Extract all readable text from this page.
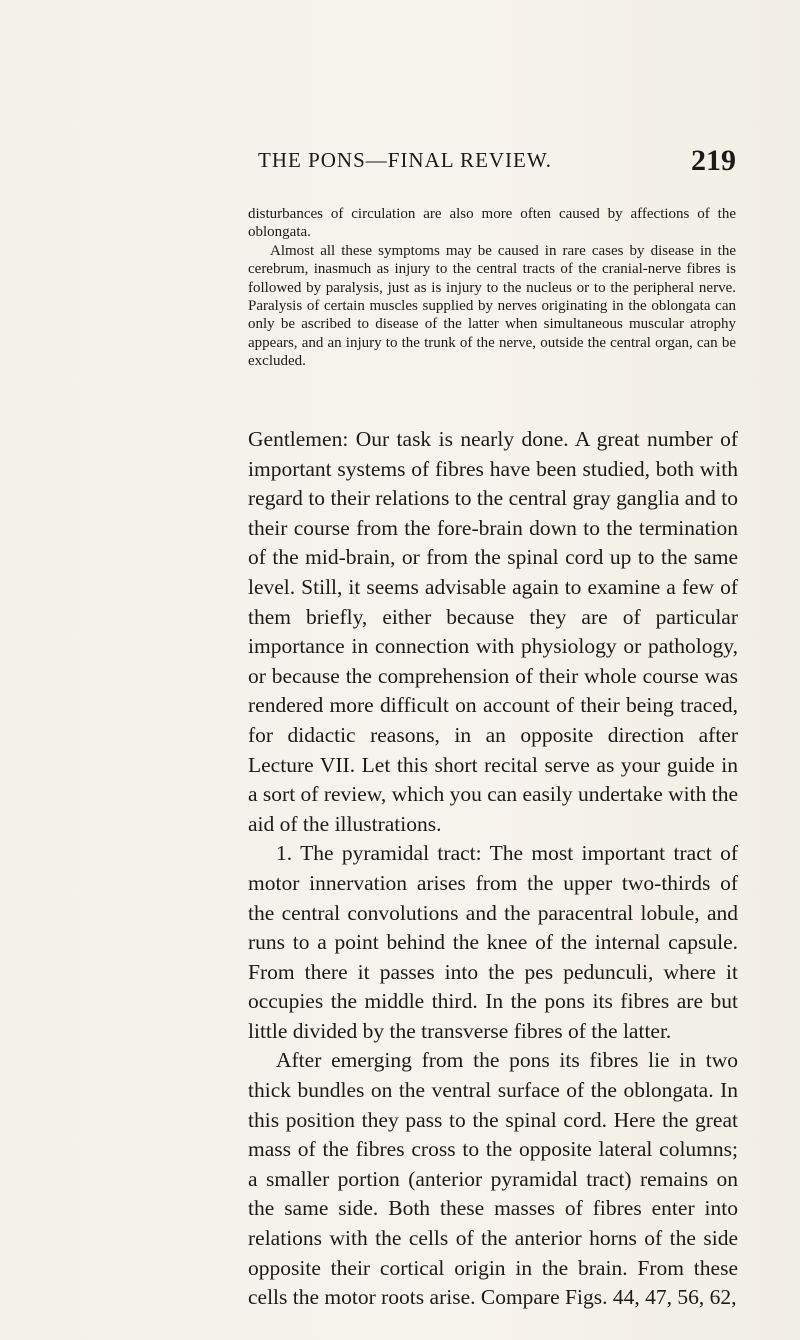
THE PONS—FINAL REVIEW.	219

disturbances of circulation are also more often caused by affections of the oblongata.

Almost all these symptoms may be caused in rare cases by disease in the cerebrum, inasmuch as injury to the central tracts of the cranial-nerve fibres is followed by paralysis, just as is injury to the nucleus or to the peripheral nerve. Paralysis of certain muscles supplied by nerves originating in the oblongata can only be ascribed to disease of the latter when simultaneous muscular atrophy appears, and an injury to the trunk of the nerve, outside the central organ, can be excluded.

Gentlemen: Our task is nearly done. A great number of important systems of fibres have been studied, both with regard to their relations to the central gray ganglia and to their course from the fore-brain down to the termination of the mid-brain, or from the spinal cord up to the same level. Still, it seems advisable again to examine a few of them briefly, either because they are of particular importance in connection with physiology or pathology, or because the comprehension of their whole course was rendered more difficult on account of their being traced, for didactic reasons, in an opposite direction after Lecture VII. Let this short recital serve as your guide in a sort of review, which you can easily undertake with the aid of the illustrations.

1. The pyramidal tract: The most important tract of motor innervation arises from the upper two-thirds of the central convolutions and the paracentral lobule, and runs to a point behind the knee of the internal capsule. From there it passes into the pes pedunculi, where it occupies the middle third. In the pons its fibres are but little divided by the transverse fibres of the latter.

After emerging from the pons its fibres lie in two thick bundles on the ventral surface of the oblongata. In this position they pass to the spinal cord. Here the great mass of the fibres cross to the opposite lateral columns; a smaller portion (anterior pyramidal tract) remains on the same side. Both these masses of fibres enter into relations with the cells of the anterior horns of the side opposite their cortical origin in the brain. From these cells the motor roots arise. Compare Figs. 44, 47, 56, 62,
